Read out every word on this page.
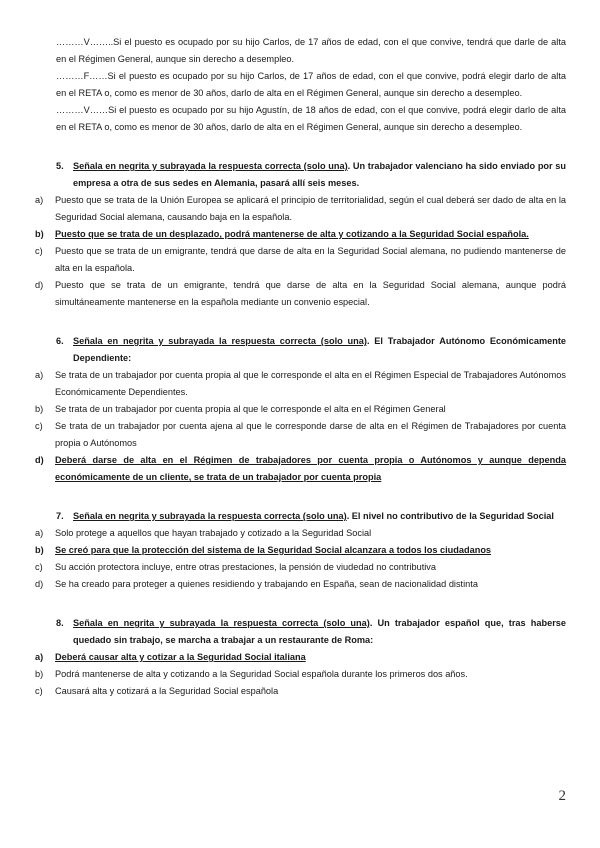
………V……..Si el puesto es ocupado por su hijo Carlos, de 17 años de edad, con el que convive, tendrá que darle de alta en el Régimen General, aunque sin derecho a desempleo.

………F……Si el puesto es ocupado por su hijo Carlos, de 17 años de edad, con el que convive, podrá elegir darlo de alta en el RETA o, como es menor de 30 años, darlo de alta en el Régimen General, aunque sin derecho a desempleo.

………V……Si el puesto es ocupado por su hijo Agustín, de 18 años de edad, con el que convive, podrá elegir darlo de alta en el RETA o, como es menor de 30 años, darlo de alta en el Régimen General, aunque sin derecho a desempleo.

5. Señala en negrita y subrayada la respuesta correcta (solo una). Un trabajador valenciano ha sido enviado por su empresa a otra de sus sedes en Alemania, pasará allí seis meses.

a) Puesto que se trata de la Unión Europea se aplicará el principio de territorialidad, según el cual deberá ser dado de alta en la Seguridad Social alemana, causando baja en la española.

b) Puesto que se trata de un desplazado, podrá mantenerse de alta y cotizando a la Seguridad Social española.

c) Puesto que se trata de un emigrante, tendrá que darse de alta en la Seguridad Social alemana, no pudiendo mantenerse de alta en la española.

d) Puesto que se trata de un emigrante, tendrá que darse de alta en la Seguridad Social alemana, aunque podrá simultáneamente mantenerse en la española mediante un convenio especial.

6. Señala en negrita y subrayada la respuesta correcta (solo una). El Trabajador Autónomo Económicamente Dependiente:

a) Se trata de un trabajador por cuenta propia al que le corresponde el alta en el Régimen Especial de Trabajadores Autónomos Económicamente Dependientes.

b) Se trata de un trabajador por cuenta propia al que le corresponde el alta en el Régimen General

c) Se trata de un trabajador por cuenta ajena al que le corresponde darse de alta en el Régimen de Trabajadores por cuenta propia o Autónomos

d) Deberá darse de alta en el Régimen de trabajadores por cuenta propia o Autónomos y aunque dependa económicamente de un cliente, se trata de un trabajador por cuenta propia

7. Señala en negrita y subrayada la respuesta correcta (solo una). El nivel no contributivo de la Seguridad Social

a) Solo protege a aquellos que hayan trabajado y cotizado a la Seguridad Social

b) Se creó para que la protección del sistema de la Seguridad Social alcanzara a todos los ciudadanos

c) Su acción protectora incluye, entre otras prestaciones, la pensión de viudedad no contributiva

d) Se ha creado para proteger a quienes residiendo y trabajando en España, sean de nacionalidad distinta

8. Señala en negrita y subrayada la respuesta correcta (solo una). Un trabajador español que, tras haberse quedado sin trabajo, se marcha a trabajar a un restaurante de Roma:

a) Deberá causar alta y cotizar a la Seguridad Social italiana

b) Podrá mantenerse de alta y cotizando a la Seguridad Social española durante los primeros dos años.

c) Causará alta y cotizará a la Seguridad Social española

2
